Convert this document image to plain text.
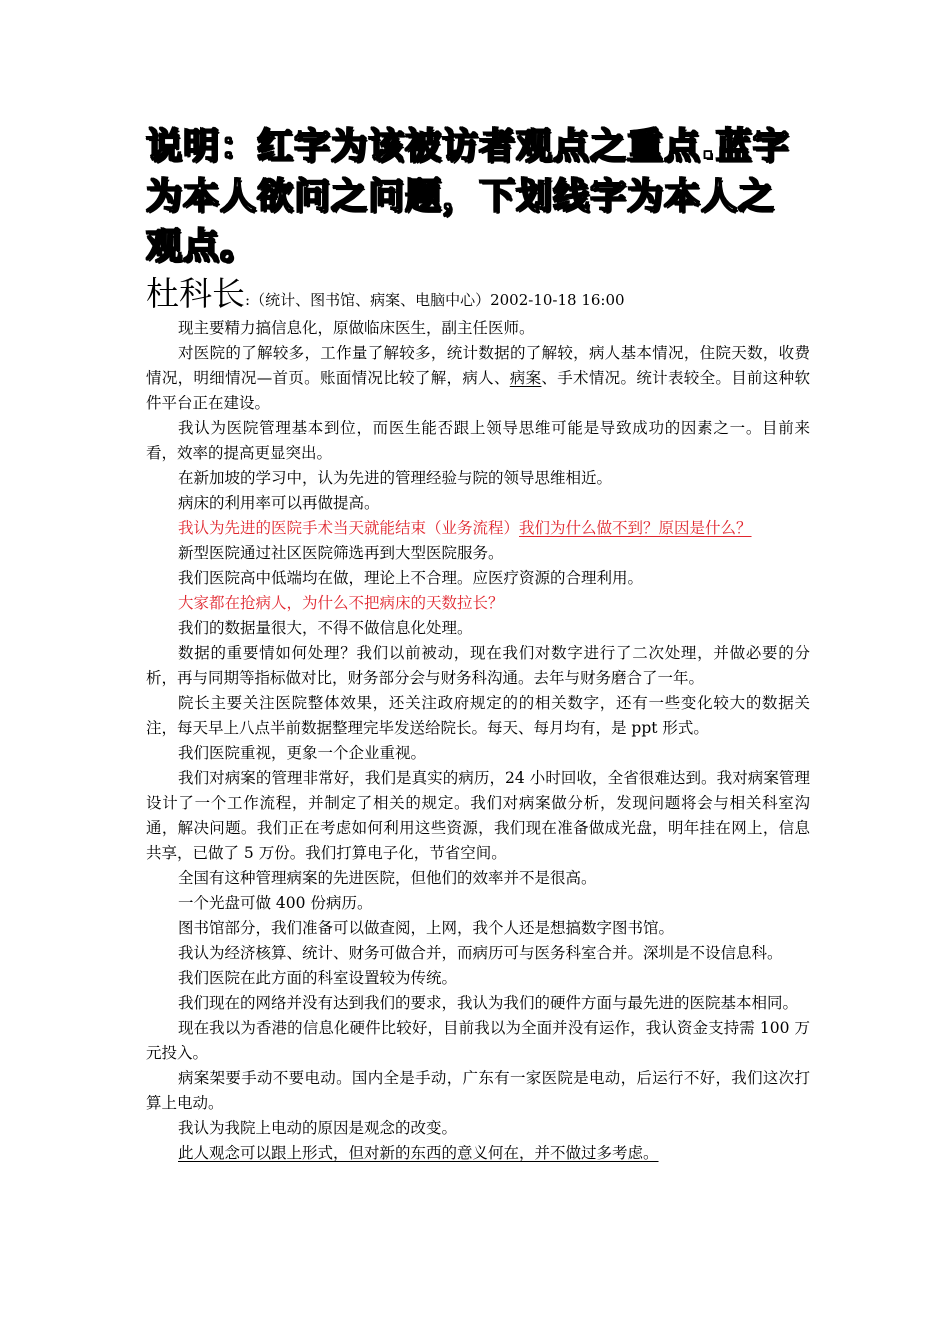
说明：红字为该被访者观点之重点.蓝字为本人欲问之问题，下划线字为本人之观点。
杜科长 : （统计、图书馆、病案、电脑中心）2002-10-18 16:00

现主要精力搞信息化，原做临床医生，副主任医师。

对医院的了解较多，工作量了解较多，统计数据的了解较，病人基本情况，住院天数，收费情况，明细情况—首页。账面情况比较了解，病人、病案、手术情况。统计表较全。目前这种软件平台正在建设。

我认为医院管理基本到位，而医生能否跟上领导思维可能是导致成功的因素之一。目前来看，效率的提高更显突出。

在新加坡的学习中，认为先进的管理经验与院的领导思维相近。

病床的利用率可以再做提高。

我认为先进的医院手术当天就能结束（业务流程）我们为什么做不到？原因是什么？

新型医院通过社区医院筛选再到大型医院服务。

我们医院高中低端均在做，理论上不合理。应医疗资源的合理利用。

大家都在抢病人，为什么不把病床的天数拉长？

我们的数据量很大，不得不做信息化处理。

数据的重要情如何处理？我们以前被动，现在我们对数字进行了二次处理，并做必要的分析，再与同期等指标做对比，财务部分会与财务科沟通。去年与财务磨合了一年。

院长主要关注医院整体效果，还关注政府规定的的相关数字，还有一些变化较大的数据关注，每天早上八点半前数据整理完毕发送给院长。每天、每月均有，是 ppt 形式。

我们医院重视，更象一个企业重视。

我们对病案的管理非常好，我们是真实的病历，24 小时回收，全省很难达到。我对病案管理设计了一个工作流程，并制定了相关的规定。我们对病案做分析，发现问题将会与相关科室沟通，解决问题。我们正在考虑如何利用这些资源，我们现在准备做成光盘，明年挂在网上，信息共享，已做了 5 万份。我们打算电子化，节省空间。

全国有这种管理病案的先进医院，但他们的效率并不是很高。

一个光盘可做 400 份病历。

图书馆部分，我们准备可以做查阅，上网，我个人还是想搞数字图书馆。

我认为经济核算、统计、财务可做合并，而病历可与医务科室合并。深圳是不设信息科。

我们医院在此方面的科室设置较为传统。

我们现在的网络并没有达到我们的要求，我认为我们的硬件方面与最先进的医院基本相同。

现在我以为香港的信息化硬件比较好，目前我以为全面并没有运作，我认资金支持需 100 万元投入。

病案架要手动不要电动。国内全是手动，广东有一家医院是电动，后运行不好，我们这次打算上电动。

我认为我院上电动的原因是观念的改变。

此人观念可以跟上形式，但对新的东西的意义何在，并不做过多考虑。
